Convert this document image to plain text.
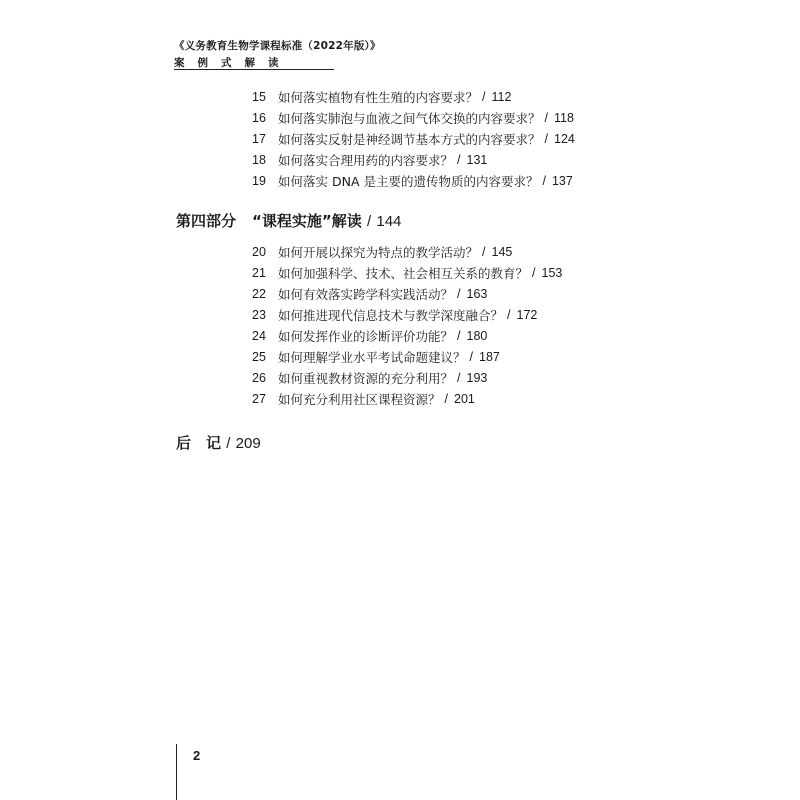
《义务教育生物学课程标准（2022年版）》
案例式解读
15 如何落实植物有性生殖的内容要求？ / 112
16 如何落实肺泡与血液之间气体交换的内容要求？ / 118
17 如何落实反射是神经调节基本方式的内容要求？ / 124
18 如何落实合理用药的内容要求？ / 131
19 如何落实 DNA 是主要的遗传物质的内容要求？ / 137
第四部分 “课程实施”解读 / 144
20 如何开展以探究为特点的教学活动？ / 145
21 如何加强科学、技术、社会相互关系的教育？ / 153
22 如何有效落实跨学科实践活动？ / 163
23 如何推进现代信息技术与教学深度融合？ / 172
24 如何发挥作业的诊断评价功能？ / 180
25 如何理解学业水平考试命题建议？ / 187
26 如何重视教材资源的充分利用？ / 193
27 如何充分利用社区课程资源？ / 201
后　记 / 209
2
